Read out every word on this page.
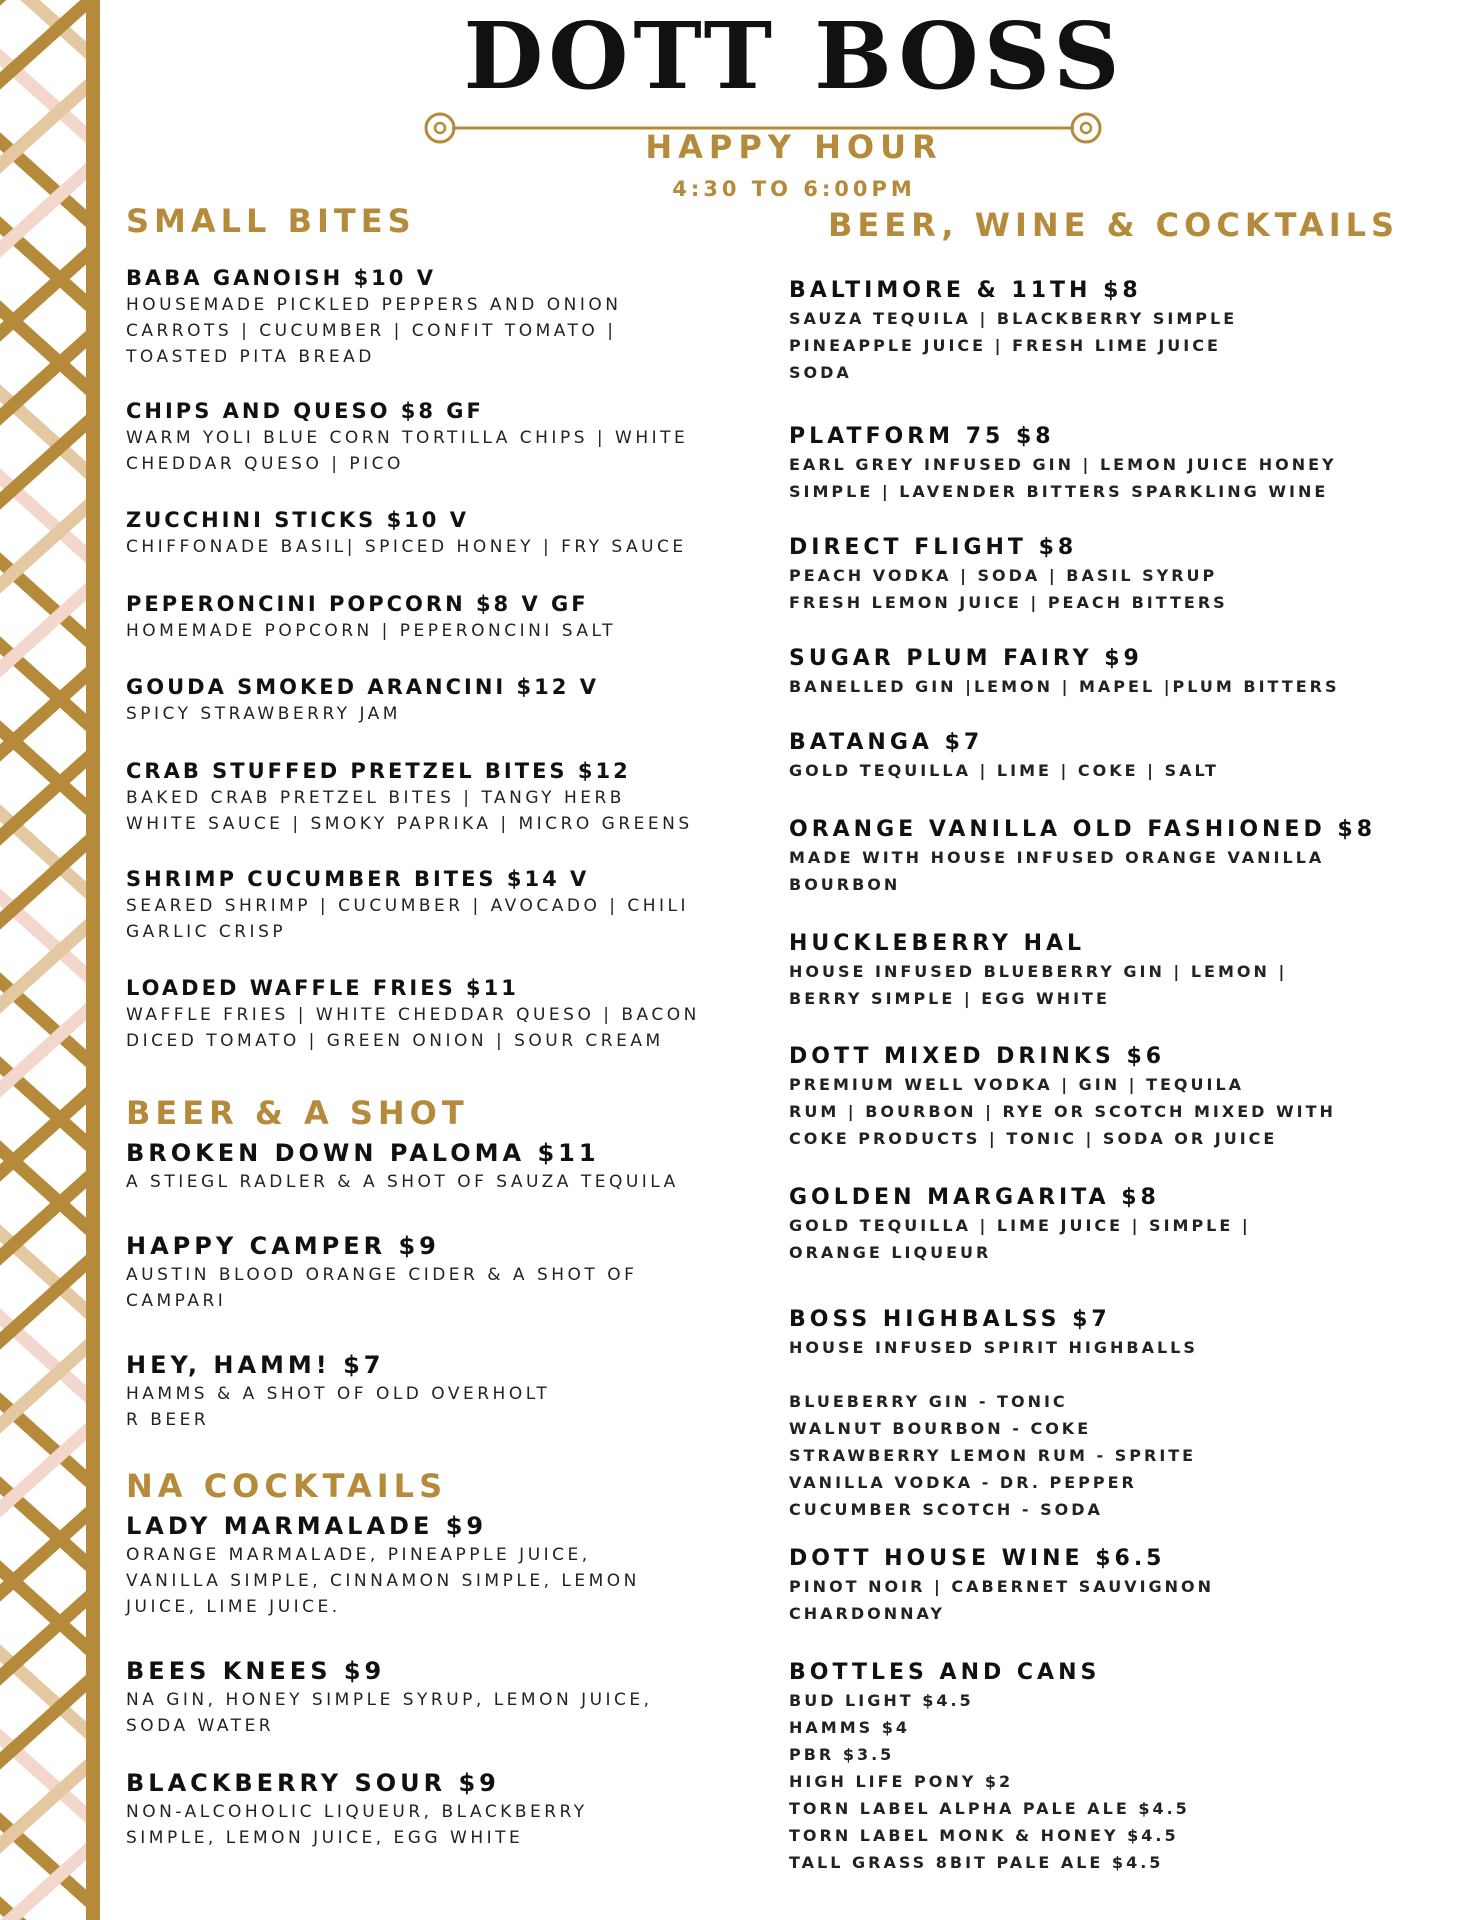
DOTT BOSS
HAPPY HOUR
4:30 TO 6:00PM
SMALL BITES
BABA GANOISH $10 V
HOUSEMADE PICKLED PEPPERS AND ONION
CARROTS | CUCUMBER | CONFIT TOMATO |
TOASTED PITA BREAD
CHIPS AND QUESO $8 GF
WARM YOLI BLUE CORN TORTILLA CHIPS | WHITE
CHEDDAR QUESO | PICO
ZUCCHINI STICKS $10 V
CHIFFONADE BASIL| SPICED HONEY | FRY SAUCE
PEPERONCINI POPCORN $8 V GF
HOMEMADE POPCORN | PEPERONCINI SALT
GOUDA SMOKED ARANCINI $12 V
SPICY STRAWBERRY JAM
CRAB STUFFED PRETZEL BITES $12
BAKED CRAB PRETZEL BITES | TANGY HERB
WHITE SAUCE | SMOKY PAPRIKA | MICRO GREENS
SHRIMP CUCUMBER BITES $14 V
SEARED SHRIMP | CUCUMBER | AVOCADO | CHILI
GARLIC CRISP
LOADED WAFFLE FRIES $11
WAFFLE FRIES | WHITE CHEDDAR QUESO | BACON
DICED TOMATO | GREEN ONION | SOUR CREAM
BEER & A SHOT
BROKEN DOWN PALOMA $11
A STIEGL RADLER & A SHOT OF SAUZA TEQUILA
HAPPY CAMPER $9
AUSTIN BLOOD ORANGE CIDER & A SHOT OF
CAMPARI
HEY, HAMM! $7
HAMMS & A SHOT OF OLD OVERHOLT
R BEER
NA COCKTAILS
LADY MARMALADE $9
ORANGE MARMALADE, PINEAPPLE JUICE,
VANILLA SIMPLE, CINNAMON SIMPLE, LEMON
JUICE, LIME JUICE.
BEES KNEES $9
NA GIN, HONEY SIMPLE SYRUP, LEMON JUICE,
SODA WATER
BLACKBERRY SOUR $9
NON-ALCOHOLIC LIQUEUR, BLACKBERRY
SIMPLE, LEMON JUICE, EGG WHITE
BEER, WINE & COCKTAILS
BALTIMORE & 11TH $8
SAUZA TEQUILA | BLACKBERRY SIMPLE
PINEAPPLE JUICE | FRESH LIME JUICE
SODA
PLATFORM 75 $8
EARL GREY INFUSED GIN | LEMON JUICE HONEY
SIMPLE | LAVENDER BITTERS SPARKLING WINE
DIRECT FLIGHT $8
PEACH VODKA | SODA | BASIL SYRUP
FRESH LEMON JUICE | PEACH BITTERS
SUGAR PLUM FAIRY $9
BANELLED GIN |LEMON | MAPEL |PLUM BITTERS
BATANGA $7
GOLD TEQUILLA | LIME | COKE | SALT
ORANGE VANILLA OLD FASHIONED $8
MADE WITH HOUSE INFUSED ORANGE VANILLA
BOURBON
HUCKLEBERRY HAL
HOUSE INFUSED BLUEBERRY GIN | LEMON |
BERRY SIMPLE | EGG WHITE
DOTT MIXED DRINKS $6
PREMIUM WELL VODKA | GIN | TEQUILA
RUM | BOURBON | RYE OR SCOTCH MIXED WITH
COKE PRODUCTS | TONIC | SODA OR JUICE
GOLDEN MARGARITA $8
GOLD TEQUILLA | LIME JUICE | SIMPLE |
ORANGE LIQUEUR
BOSS HIGHBALSS $7
HOUSE INFUSED SPIRIT HIGHBALLS

BLUEBERRY GIN - TONIC
WALNUT BOURBON - COKE
STRAWBERRY LEMON RUM - SPRITE
VANILLA VODKA - DR. PEPPER
CUCUMBER SCOTCH - SODA
DOTT HOUSE WINE $6.5
PINOT NOIR | CABERNET SAUVIGNON
CHARDONNAY
BOTTLES AND CANS
BUD LIGHT $4.5
HAMMS $4
PBR $3.5
HIGH LIFE PONY $2
TORN LABEL ALPHA PALE ALE $4.5
TORN LABEL MONK & HONEY $4.5
TALL GRASS 8BIT PALE ALE $4.5
